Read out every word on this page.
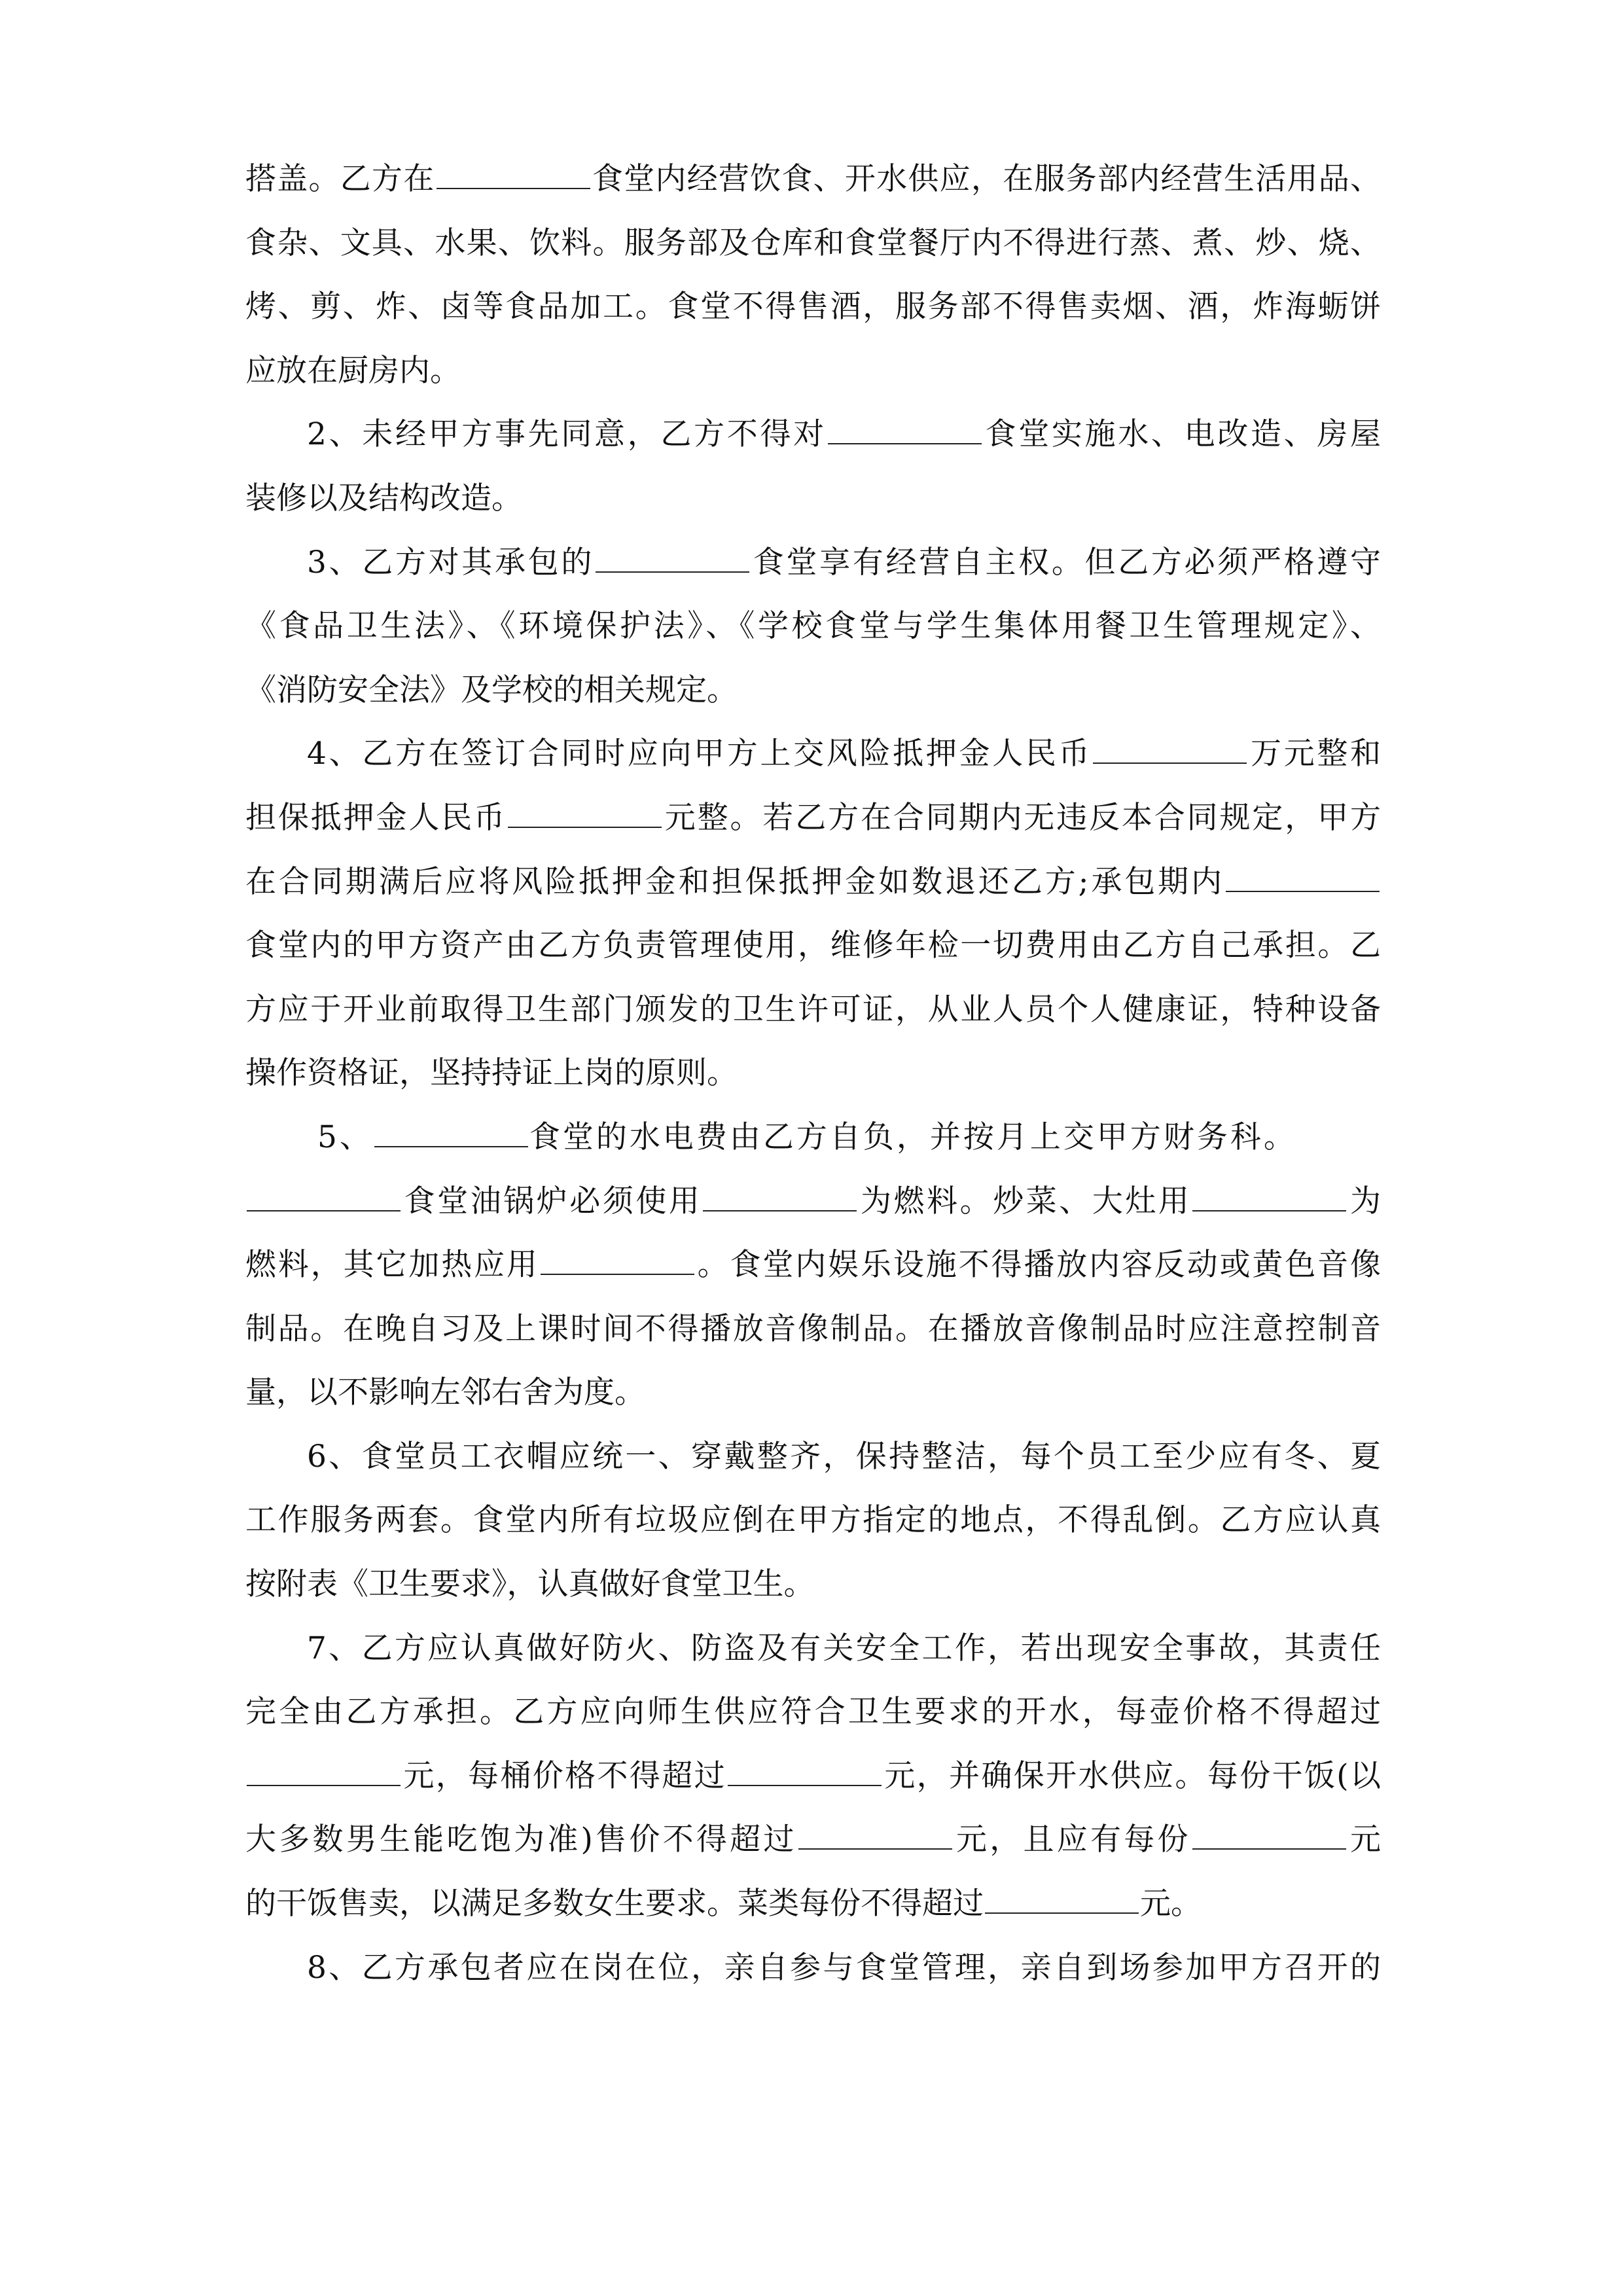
搭盖。乙方在	食堂内经营饮食、开水供应，在服务部内经营生活用品、
食杂、文具、水果、饮料。服务部及仓库和食堂餐厅内不得进行蒸、煮、炒、烧、
烤、剪、炸、卤等食品加工。食堂不得售酒，服务部不得售卖烟、酒，炸海蛎饼
应放在厨房内。
2、未经甲方事先同意，乙方不得对	食堂实施水、电改造、房屋
装修以及结构改造。
3、乙方对其承包的	食堂享有经营自主权。但乙方必须严格遵守
《食品卫生法》、《环境保护法》、《学校食堂与学生集体用餐卫生管理规定》、
《消防安全法》及学校的相关规定。
4、乙方在签订合同时应向甲方上交风险抵押金人民币	万元整和
担保抵押金人民币	元整。若乙方在合同期内无违反本合同规定，甲方
在合同期满后应将风险抵押金和担保抵押金如数退还乙方;承包期内
食堂内的甲方资产由乙方负责管理使用，维修年检一切费用由乙方自己承担。乙
方应于开业前取得卫生部门颁发的卫生许可证，从业人员个人健康证，特种设备
操作资格证，坚持持证上岗的原则。
5、	食堂的水电费由乙方自负，并按月上交甲方财务科。
食堂油锅炉必须使用	为燃料。炒菜、大灶用	为
燃料，其它加热应用	。食堂内娱乐设施不得播放内容反动或黄色音像
制品。在晚自习及上课时间不得播放音像制品。在播放音像制品时应注意控制音
量，以不影响左邻右舍为度。
6、食堂员工衣帽应统一、穿戴整齐，保持整洁，每个员工至少应有冬、夏
工作服务两套。食堂内所有垃圾应倒在甲方指定的地点，不得乱倒。乙方应认真
按附表《卫生要求》，认真做好食堂卫生。
7、乙方应认真做好防火、防盗及有关安全工作，若出现安全事故，其责任
完全由乙方承担。乙方应向师生供应符合卫生要求的开水，每壶价格不得超过
元，每桶价格不得超过	元，并确保开水供应。每份干饭(以
大多数男生能吃饱为准)售价不得超过	元，且应有每份	元
的干饭售卖，以满足多数女生要求。菜类每份不得超过	元。
8、乙方承包者应在岗在位，亲自参与食堂管理，亲自到场参加甲方召开的
